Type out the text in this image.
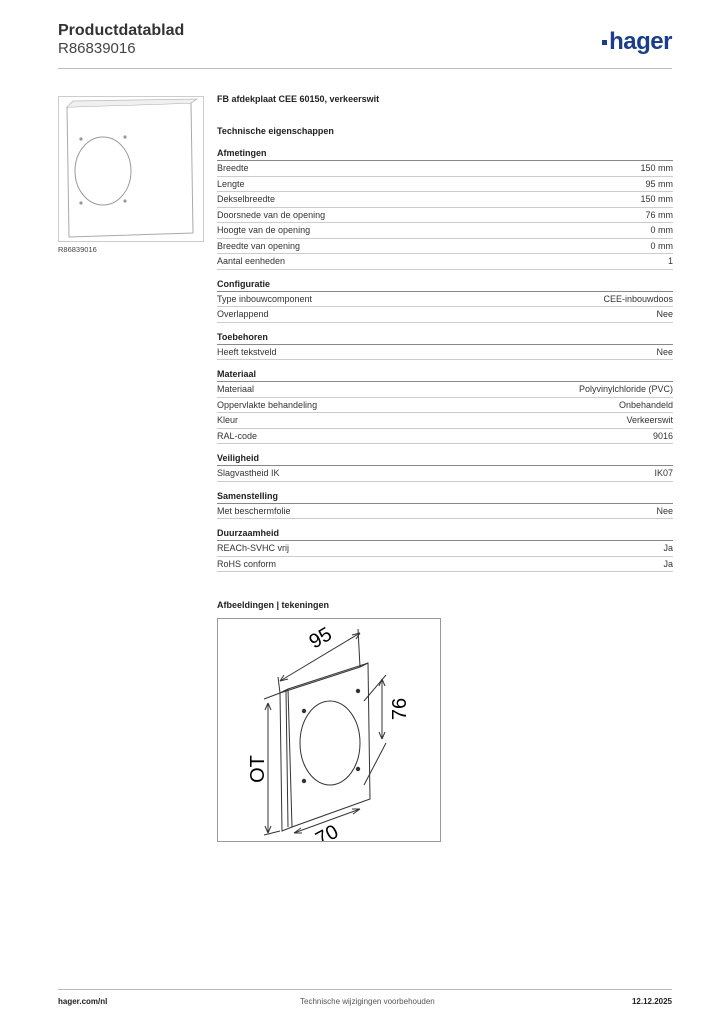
Productdatablad
R86839016	hager
R86839016
FB afdekplaat CEE 60150, verkeerswit
Technische eigenschappen
Afmetingen
Breedte	150 mm
Lengte	95 mm
Dekselbreedte	150 mm
Doorsnede van de opening	76 mm
Hoogte van de opening	0 mm
Breedte van opening	0 mm
Aantal eenheden	1
Configuratie
Type inbouwcomponent	CEE-inbouwdoos
Overlappend	Nee
Toebehoren
Heeft tekstveld	Nee
Materiaal
Materiaal	Polyvinylchloride (PVC)
Oppervlakte behandeling	Onbehandeld
Kleur	Verkeerswit
RAL-code	9016
Veiligheid
Slagvastheid IK	IK07
Samenstelling
Met beschermfolie	Nee
Duurzaamheid
REACh-SVHC vrij	Ja
RoHS conform	Ja
Afbeeldingen | tekeningen
95
76
OT
70
hager.com/nl	Technische wijzigingen voorbehouden	12.12.2025
